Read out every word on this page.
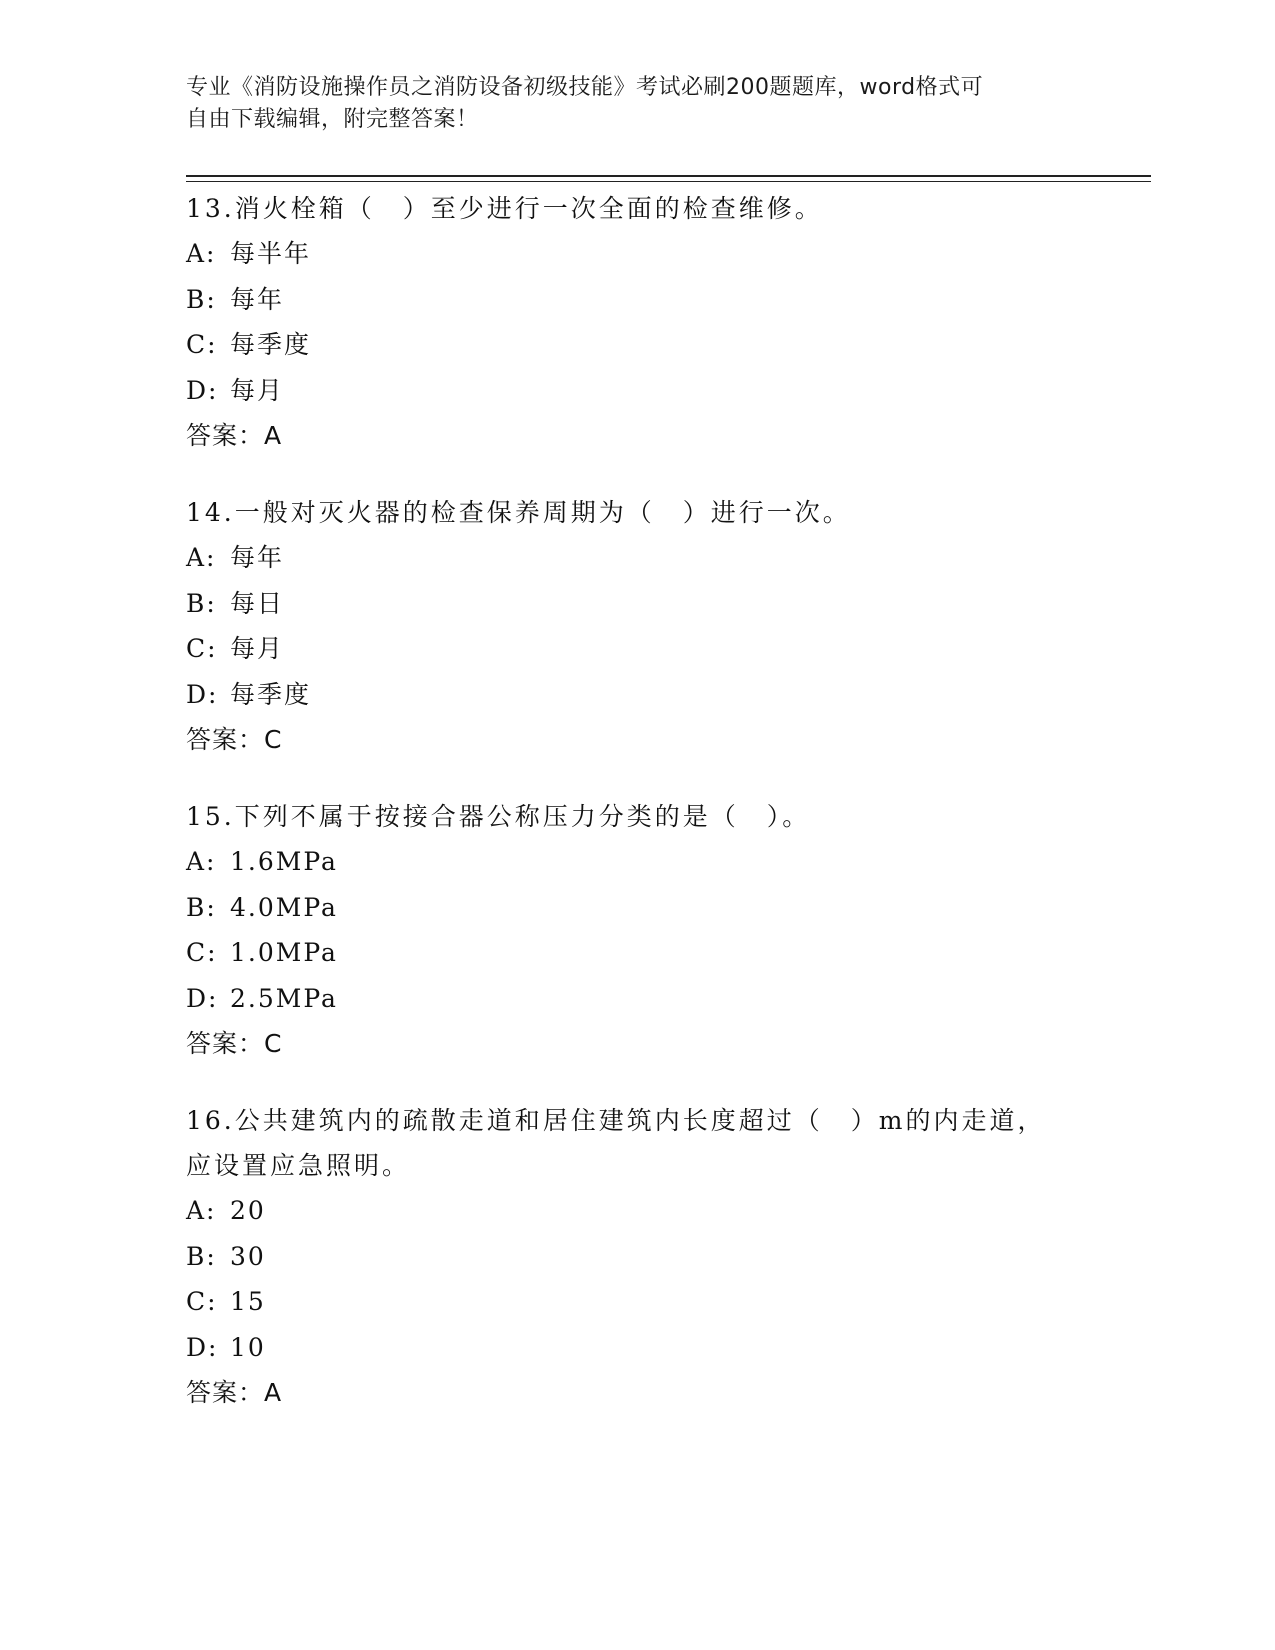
专业《消防设施操作员之消防设备初级技能》考试必刷200题题库，word格式可
自由下载编辑，附完整答案！

13.消火栓箱（　）至少进行一次全面的检查维修。

A: 每半年

B: 每年

C: 每季度

D: 每月

答案：A

14.一般对灭火器的检查保养周期为（　）进行一次。

A: 每年

B: 每日

C: 每月

D: 每季度

答案：C

15.下列不属于按接合器公称压力分类的是（　）。

A: 1.6MPa

B: 4.0MPa

C: 1.0MPa

D: 2.5MPa

答案：C

16.公共建筑内的疏散走道和居住建筑内长度超过（　）m的内走道，

应设置应急照明。

A: 20

B: 30

C: 15

D: 10

答案：A
